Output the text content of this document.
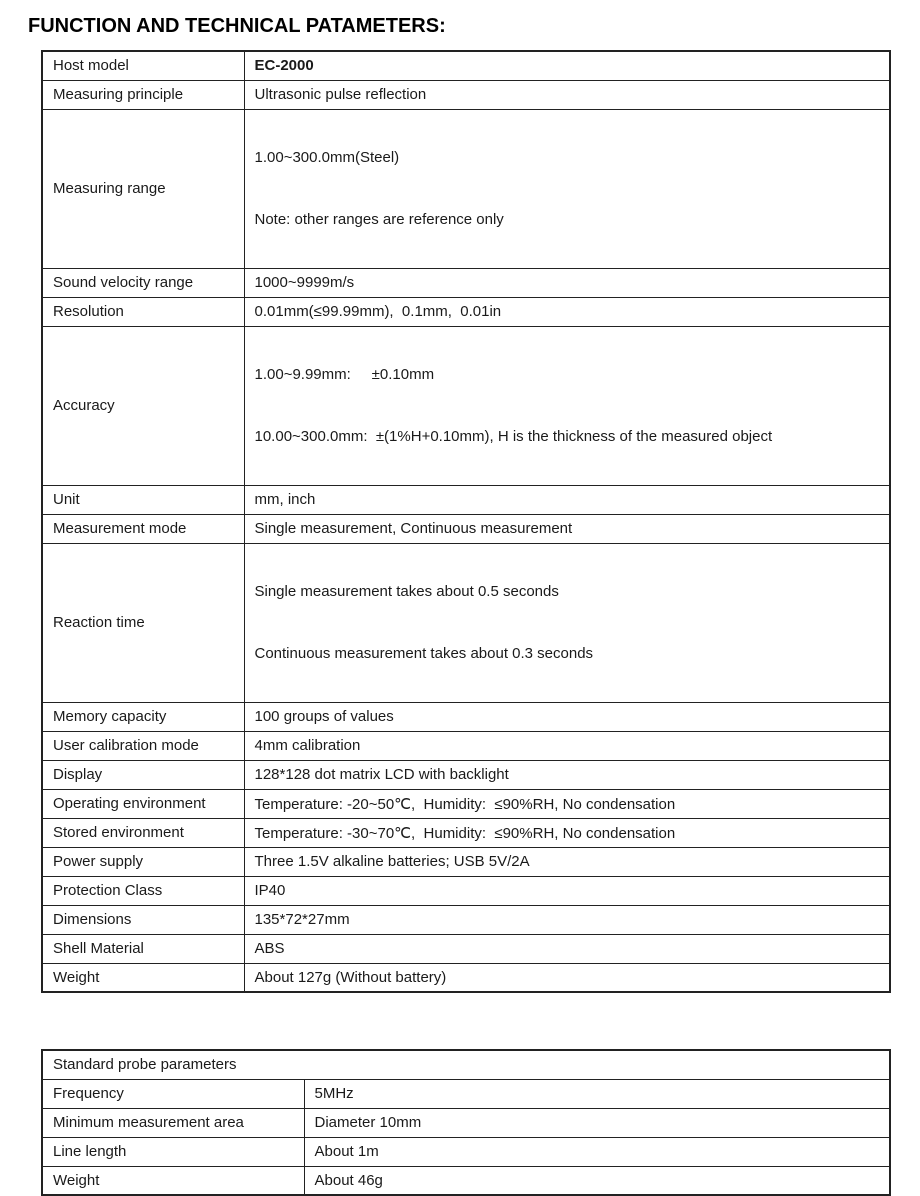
FUNCTION AND TECHNICAL PATAMETERS:
Host model	EC-2000
Measuring principle	Ultrasonic pulse reflection
Measuring range	1.00~300.0mm(Steel)

Note: other ranges are reference only

Sound velocity range	1000~9999m/s
Resolution	0.01mm(≤99.99mm),  0.1mm,  0.01in
Accuracy	1.00~9.99mm:     ±0.10mm

10.00~300.0mm:  ±(1%H+0.10mm), H is the thickness of the measured object

Unit	mm, inch
Measurement mode	Single measurement, Continuous measurement
Reaction time	Single measurement takes about 0.5 seconds

Continuous measurement takes about 0.3 seconds

Memory capacity	100 groups of values
User calibration mode	4mm calibration
Display	128*128 dot matrix LCD with backlight
Operating environment	Temperature: -20~50℃,  Humidity:  ≤90%RH, No condensation
Stored environment	Temperature: -30~70℃,  Humidity:  ≤90%RH, No condensation
Power supply	Three 1.5V alkaline batteries; USB 5V/2A
Protection Class	IP40
Dimensions	135*72*27mm
Shell Material	ABS
Weight	About 127g (Without battery)
Standard probe parameters	
Frequency	5MHz
Minimum measurement area	Diameter 10mm
Line length	About 1m
Weight	About 46g
